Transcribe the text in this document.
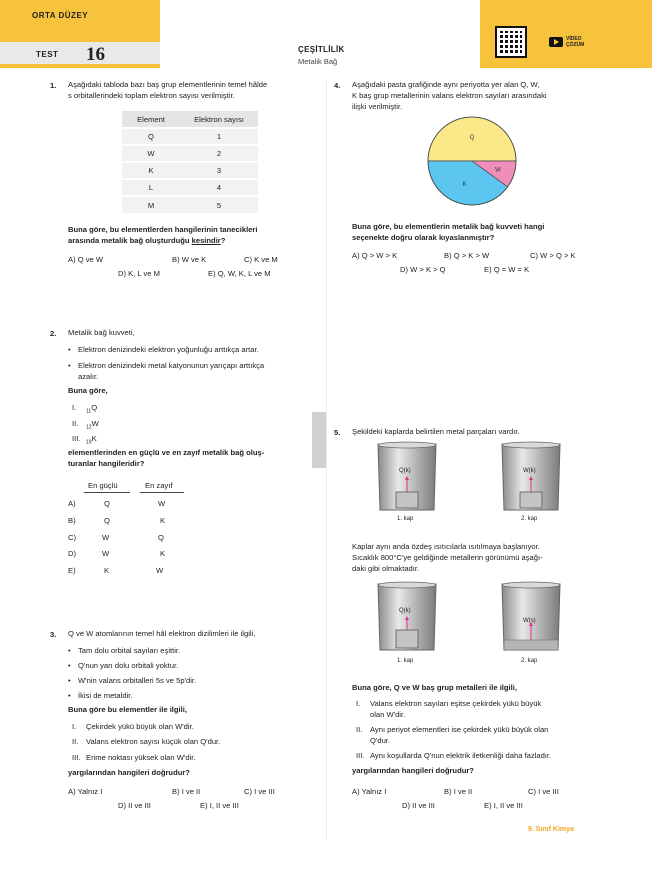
ORTA DÜZEY
TEST 16	ÇEŞİTLİLİK
Metalik Bağ
VİDEO
ÇÖZÜM
1. Aşağıdaki tabloda bazı baş grup elementlerinin temel hâlde
s orbitallerindeki toplam elektron sayısı verilmiştir.
Element	Elektron sayısı
Q	1
W	2
K	3
L	4
M	5
Buna göre, bu elementlerden hangilerinin tanecikleri
arasında metalik bağ oluşturduğu kesindir?
A) Q ve W	B) W ve K	C) K ve M
D) K, L ve M	E) Q, W, K, L ve M
2. Metalik bağ kuvveti,
• Elektron denizindeki elektron yoğunluğu arttıkça artar.
• Elektron denizindeki metal katyonunun yarıçapı arttıkça
azalır.
Buna göre,
I. $_{11}$Q
II. $_{12}$W
III. $_{19}$K
elementlerinden en güçlü ve en zayıf metalik bağ oluş-
turanlar hangileridir?
En güçlü	En zayıf
A)	Q	W
B)	Q	K
C)	W	Q
D)	W	K
E)	K	W
3. Q ve W atomlarının temel hâl elektron dizilimleri ile ilgili,
• Tam dolu orbital sayıları eşittir.
• Q'nun yarı dolu orbitali yoktur.
• W'nin valans orbitalleri 5s ve 5p'dir.
• İkisi de metaldir.
Buna göre bu elementler ile ilgili,
I. Çekirdek yükü büyük olan W'dir.
II. Valans elektron sayısı küçük olan Q'dur.
III. Erime noktası yüksek olan W'dir.
yargılarından hangileri doğrudur?
A) Yalnız I	B) I ve II	C) I ve III
D) II ve III	E) I, II ve III
4. Aşağıdaki pasta grafiğinde aynı periyotta yer alan Q, W,
K baş grup metallerinin valans elektron sayıları arasındaki
ilişki verilmiştir.
Q
W
K
Buna göre, bu elementlerin metalik bağ kuvveti hangi
seçenekte doğru olarak kıyaslanmıştır?
A) Q > W > K	B) Q > K > W	C) W > Q > K
D) W > K > Q	E) Q = W = K
5. Şekildeki kaplarda belirtilen metal parçaları vardır.
Q(k)
1. kap
W(k)
2. kap
Kaplar aynı anda özdeş ısıtıcılarla ısıtılmaya başlanıyor.
Sıcaklık 800°C'ye geldiğinde metallerin görünümü aşağı-
daki gibi olmaktadır.
Q(k)
1. kap
W(s)
2. kap
Buna göre, Q ve W baş grup metalleri ile ilgili,
I. Valans elektron sayıları eşitse çekirdek yükü büyük
olan W'dir.
II. Aynı periyot elementleri ise çekirdek yükü büyük olan
Q'dur.
III. Aynı koşullarda Q'nun elektrik iletkenliği daha fazladır.
yargılarından hangileri doğrudur?
A) Yalnız I	B) I ve II	C) I ve III
D) II ve III	E) I, II ve III
9. Sınıf Kimya
